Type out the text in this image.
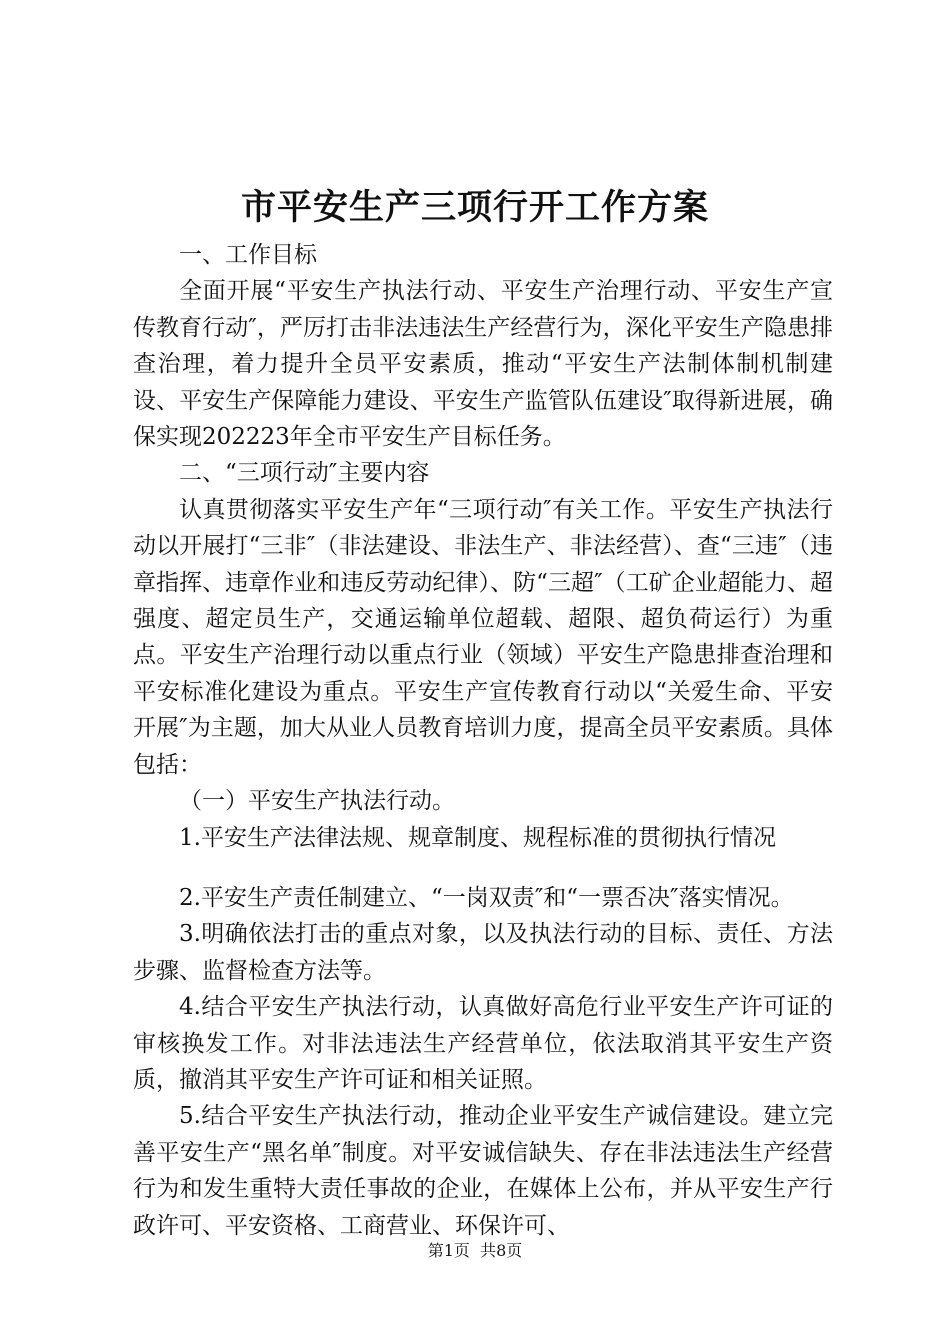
市平安生产三项行开工作方案

一、工作目标

全面开展“平安生产执法行动、平安生产治理行动、平安生产宣传教育行动″，严厉打击非法违法生产经营行为，深化平安生产隐患排查治理，着力提升全员平安素质，推动“平安生产法制体制机制建设、平安生产保障能力建设、平安生产监管队伍建设″取得新进展，确保实现202223年全市平安生产目标任务。

二、“三项行动″主要内容

认真贯彻落实平安生产年“三项行动″有关工作。平安生产执法行动以开展打“三非″（非法建设、非法生产、非法经营）、查“三违″（违章指挥、违章作业和违反劳动纪律）、防“三超″（工矿企业超能力、超强度、超定员生产，交通运输单位超载、超限、超负荷运行）为重点。平安生产治理行动以重点行业（领域）平安生产隐患排查治理和平安标准化建设为重点。平安生产宣传教育行动以“关爱生命、平安开展″为主题，加大从业人员教育培训力度，提高全员平安素质。具体包括：

（一）平安生产执法行动。

1.平安生产法律法规、规章制度、规程标准的贯彻执行情况

2.平安生产责任制建立、“一岗双责″和“一票否决″落实情况。

3.明确依法打击的重点对象，以及执法行动的目标、责任、方法步骤、监督检查方法等。

4.结合平安生产执法行动，认真做好高危行业平安生产许可证的审核换发工作。对非法违法生产经营单位，依法取消其平安生产资质，撤消其平安生产许可证和相关证照。

5.结合平安生产执法行动，推动企业平安生产诚信建设。建立完善平安生产“黑名单″制度。对平安诚信缺失、存在非法违法生产经营行为和发生重特大责任事故的企业，在媒体上公布，并从平安生产行政许可、平安资格、工商营业、环保许可、

第1页 共8页
